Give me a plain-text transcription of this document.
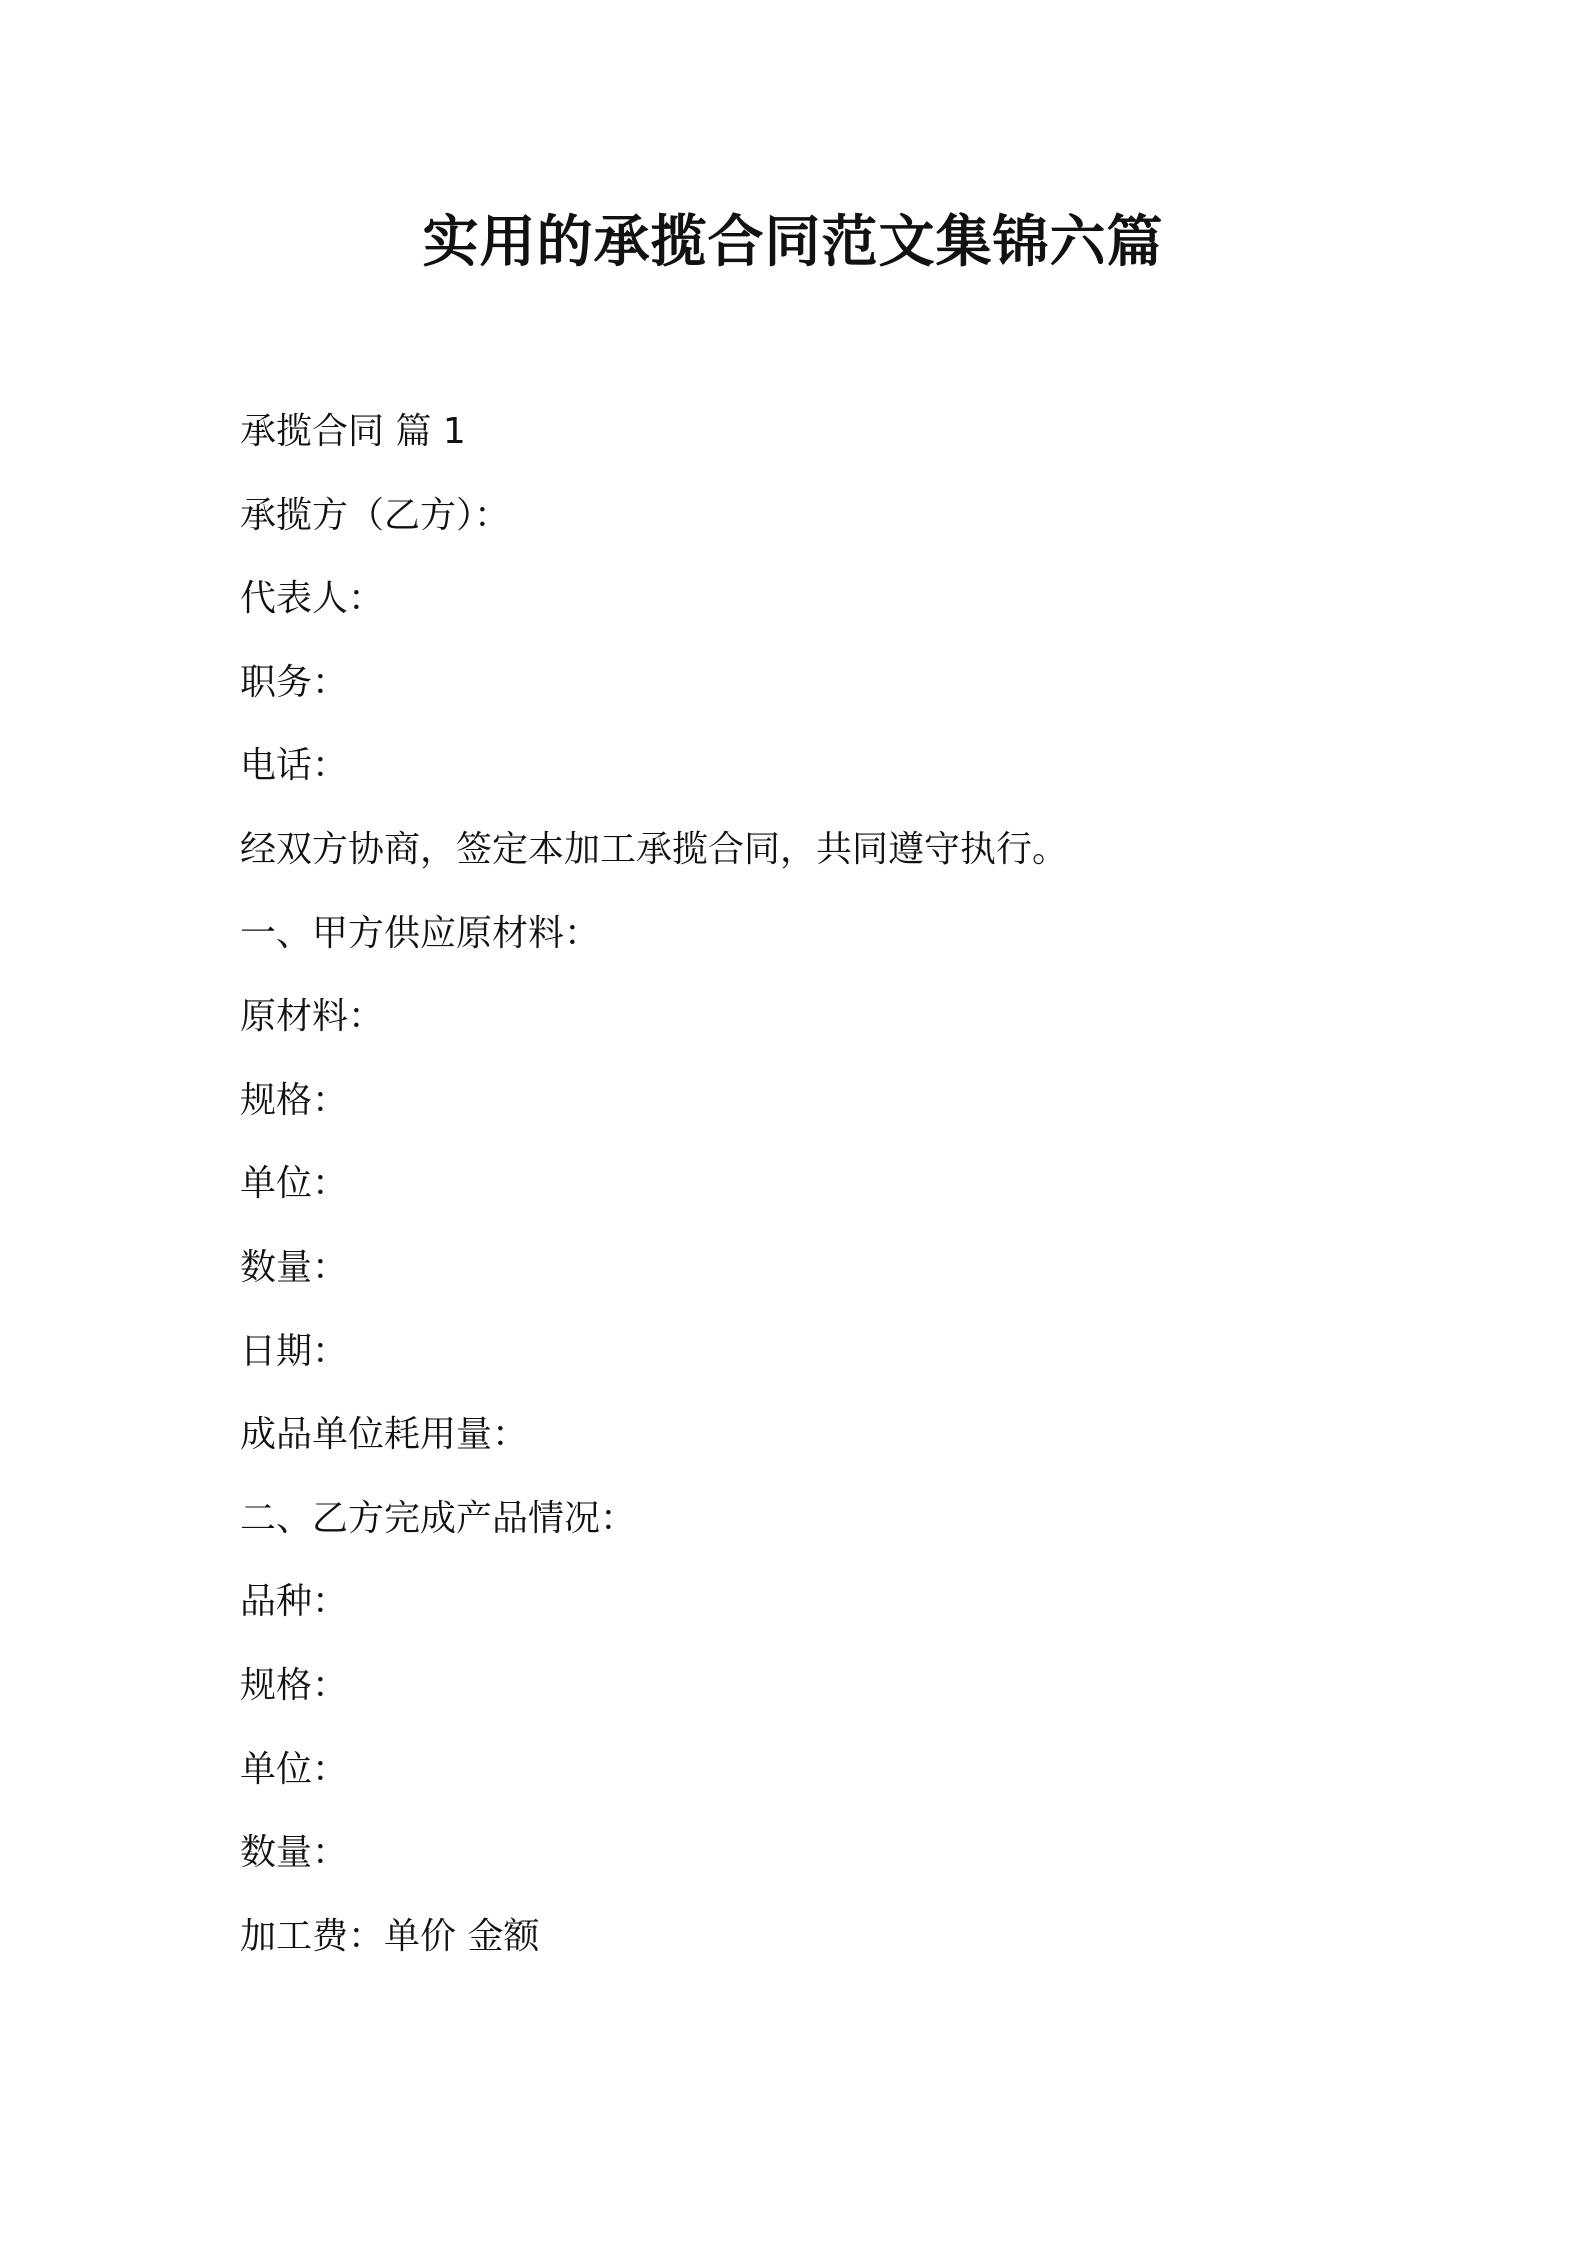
实用的承揽合同范文集锦六篇

承揽合同 篇 1

承揽方（乙方）：

代表人：

职务：

电话：

经双方协商，签定本加工承揽合同，共同遵守执行。

一、甲方供应原材料：

原材料：

规格：

单位：

数量：

日期：

成品单位耗用量：

二、乙方完成产品情况：

品种：

规格：

单位：

数量：

加工费：单价 金额
